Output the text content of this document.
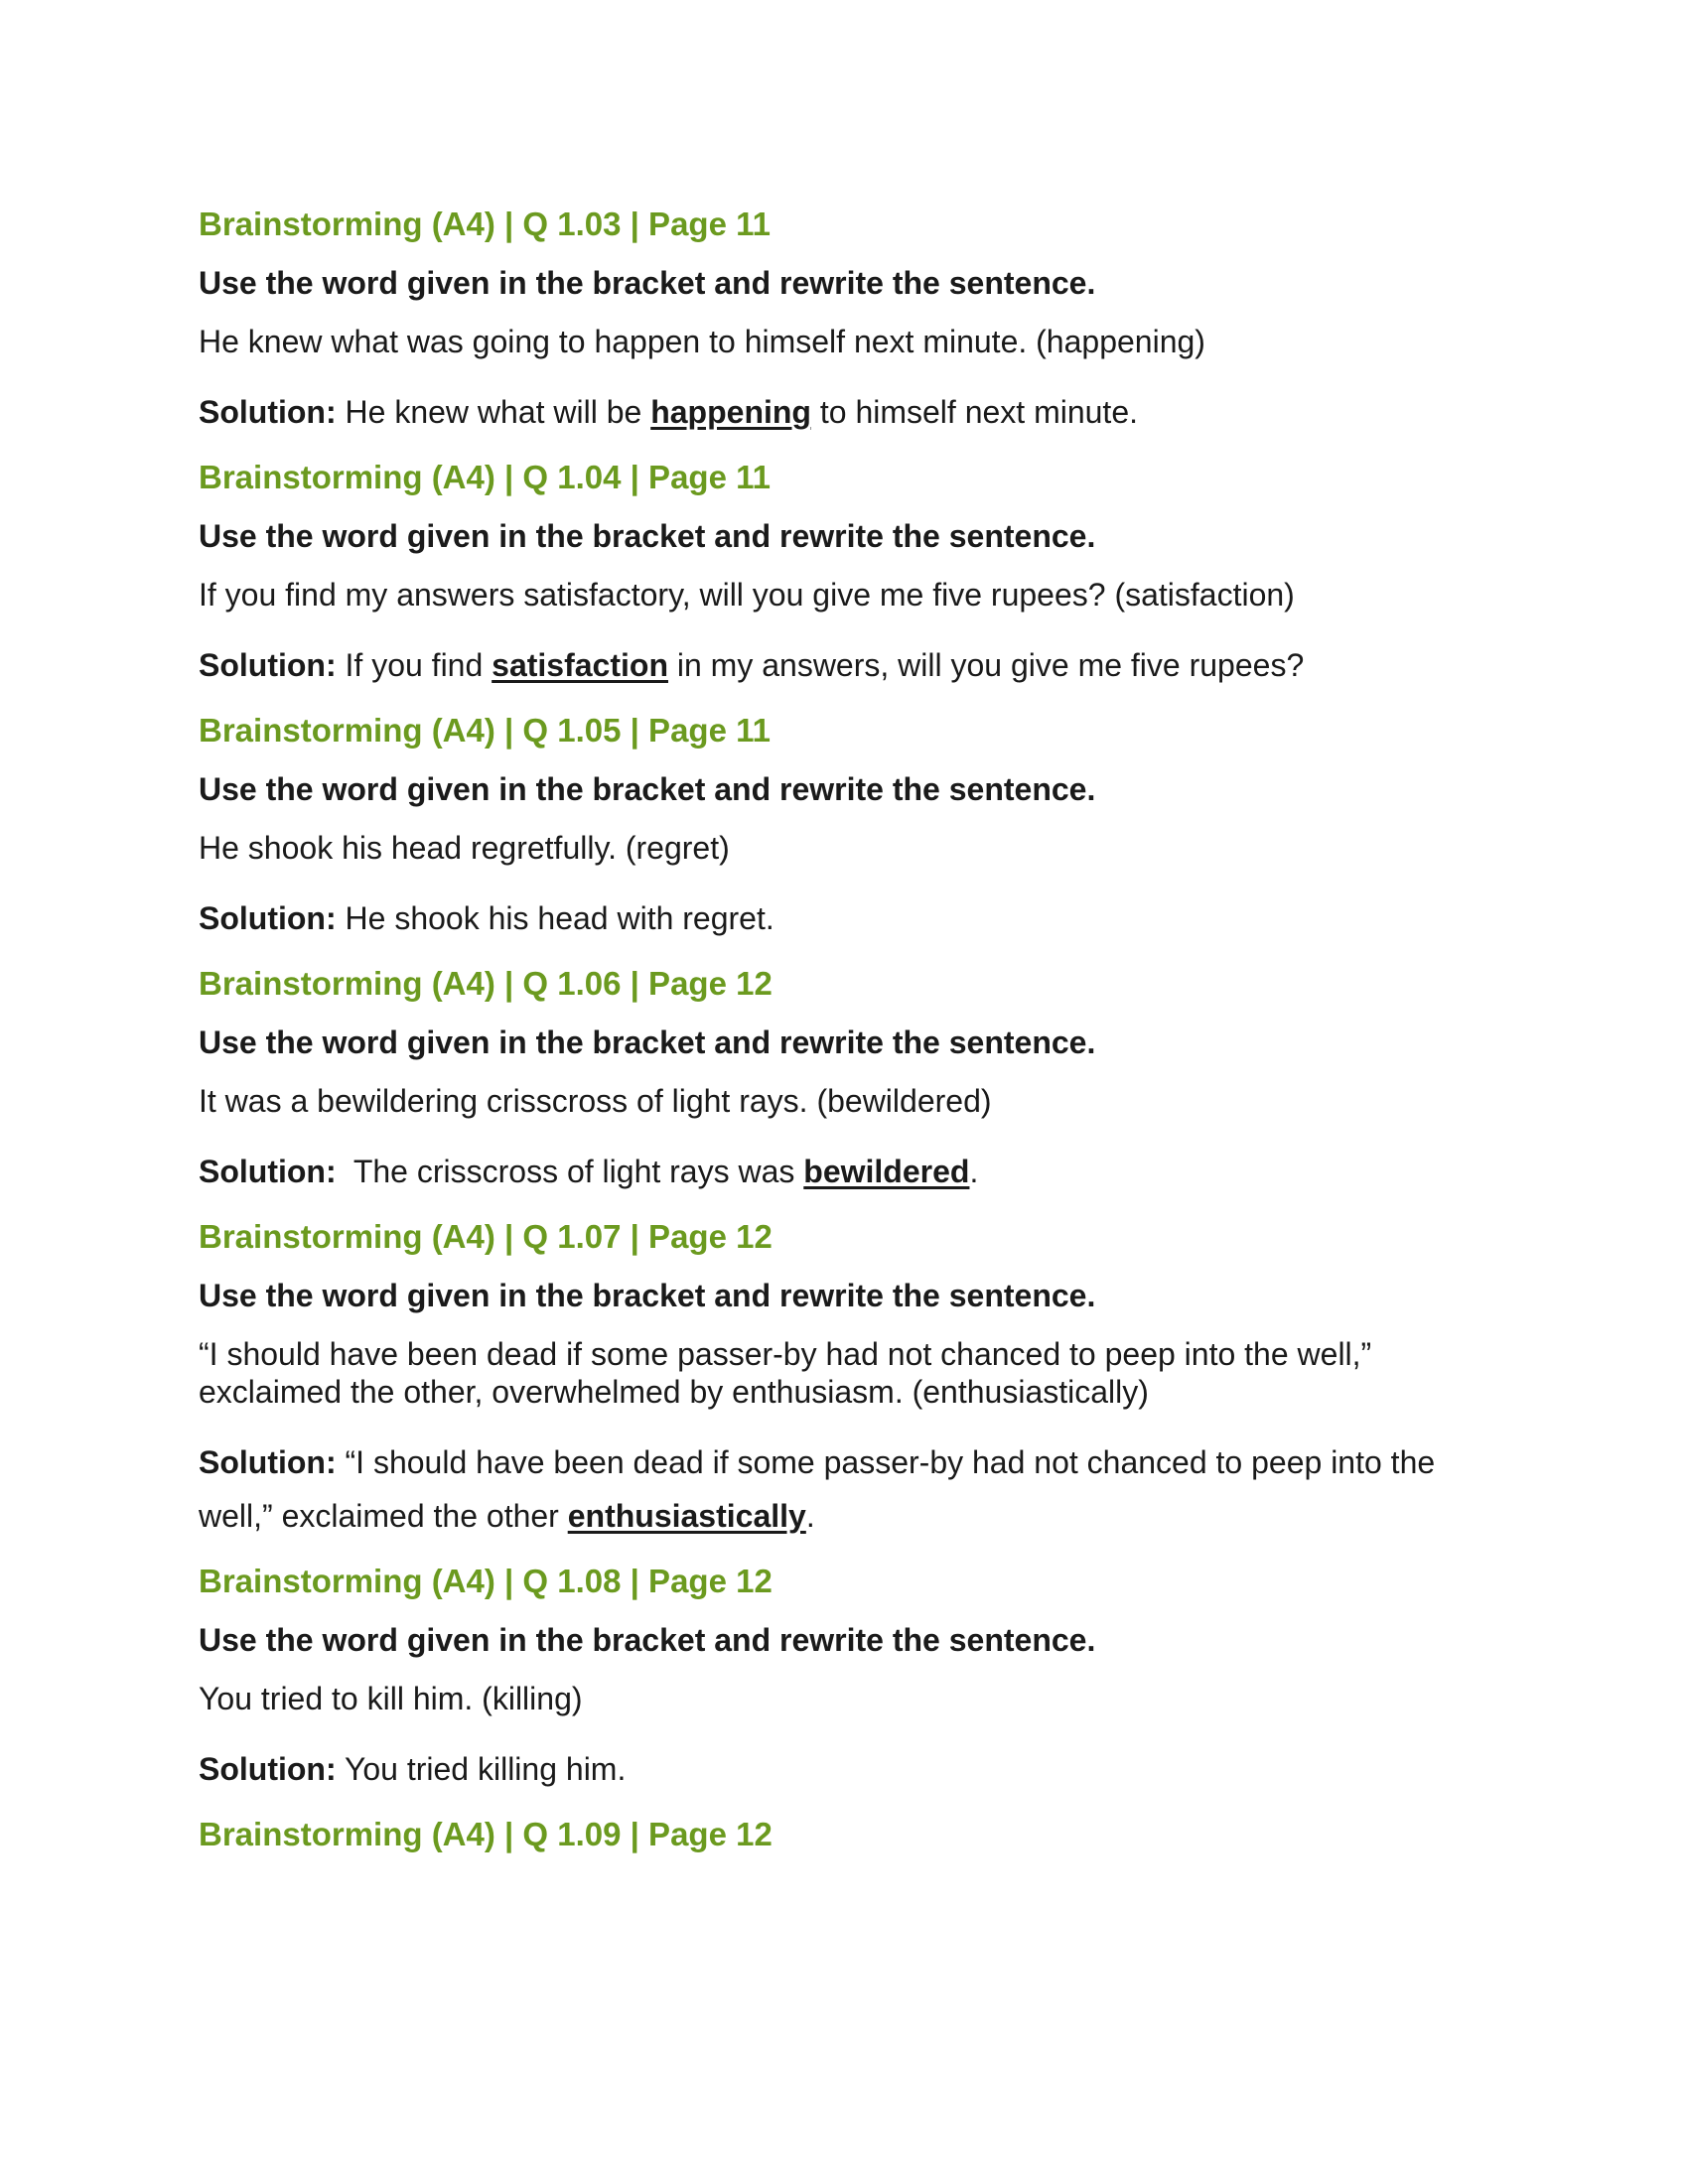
Brainstorming (A4) | Q 1.03 | Page 11
Use the word given in the bracket and rewrite the sentence.
He knew what was going to happen to himself next minute. (happening)
Solution: He knew what will be happening to himself next minute.
Brainstorming (A4) | Q 1.04 | Page 11
Use the word given in the bracket and rewrite the sentence.
If you find my answers satisfactory, will you give me five rupees? (satisfaction)
Solution: If you find satisfaction in my answers, will you give me five rupees?
Brainstorming (A4) | Q 1.05 | Page 11
Use the word given in the bracket and rewrite the sentence.
He shook his head regretfully. (regret)
Solution: He shook his head with regret.
Brainstorming (A4) | Q 1.06 | Page 12
Use the word given in the bracket and rewrite the sentence.
It was a bewildering crisscross of light rays. (bewildered)
Solution:  The crisscross of light rays was bewildered.
Brainstorming (A4) | Q 1.07 | Page 12
Use the word given in the bracket and rewrite the sentence.
“I should have been dead if some passer-by had not chanced to peep into the well,” exclaimed the other, overwhelmed by enthusiasm. (enthusiastically)
Solution: “I should have been dead if some passer-by had not chanced to peep into the well,” exclaimed the other enthusiastically.
Brainstorming (A4) | Q 1.08 | Page 12
Use the word given in the bracket and rewrite the sentence.
You tried to kill him. (killing)
Solution: You tried killing him.
Brainstorming (A4) | Q 1.09 | Page 12
